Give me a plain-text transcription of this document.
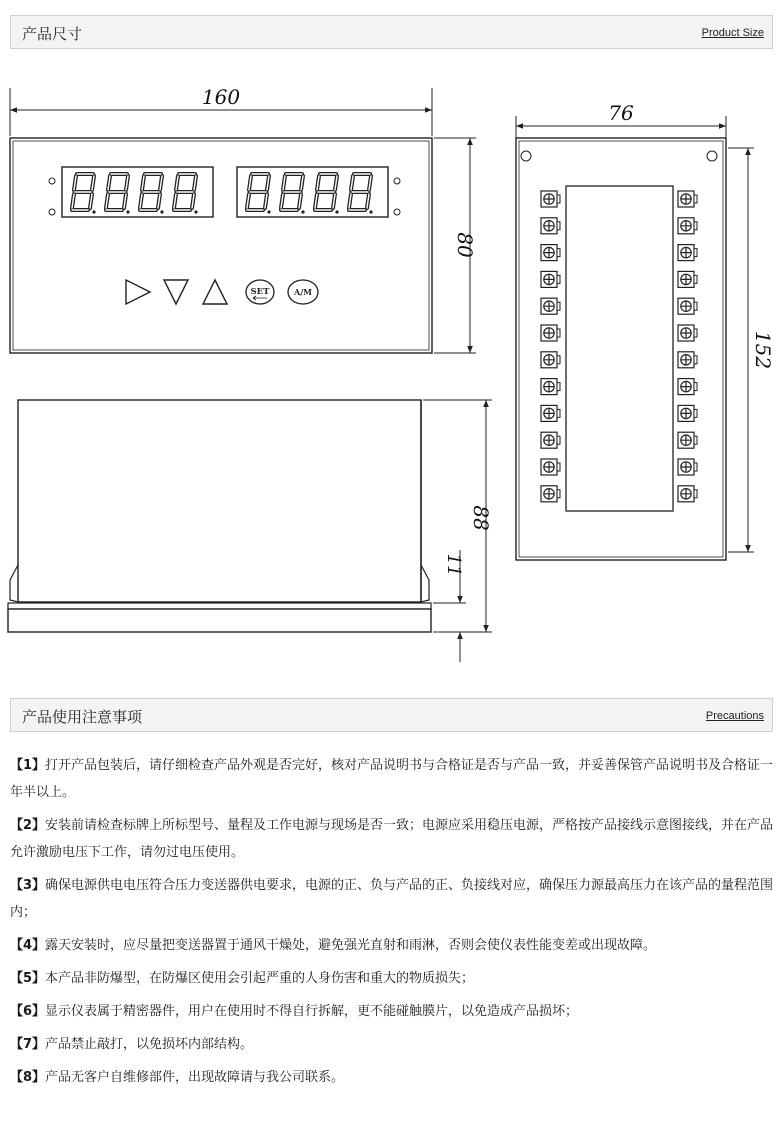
产品尺寸	Product Size
160
80
SET	A/M
88
11
76
152
产品使用注意事项	Precautions

【1】打开产品包装后，请仔细检查产品外观是否完好，核对产品说明书与合格证是否与产品一致，并妥善保管产品说明书及合格证一年半以上。

【2】安装前请检查标牌上所标型号、量程及工作电源与现场是否一致；电源应采用稳压电源，严格按产品接线示意图接线，并在产品允许激励电压下工作，请勿过电压使用。

【3】确保电源供电电压符合压力变送器供电要求，电源的正、负与产品的正、负接线对应，确保压力源最高压力在该产品的量程范围内；

【4】露天安装时，应尽量把变送器置于通风干燥处，避免强光直射和雨淋，否则会使仪表性能变差或出现故障。

【5】本产品非防爆型，在防爆区使用会引起严重的人身伤害和重大的物质损失；

【6】显示仪表属于精密器件，用户在使用时不得自行拆解，更不能碰触膜片，以免造成产品损坏；

【7】产品禁止敲打，以免损坏内部结构。

【8】产品无客户自维修部件，出现故障请与我公司联系。
